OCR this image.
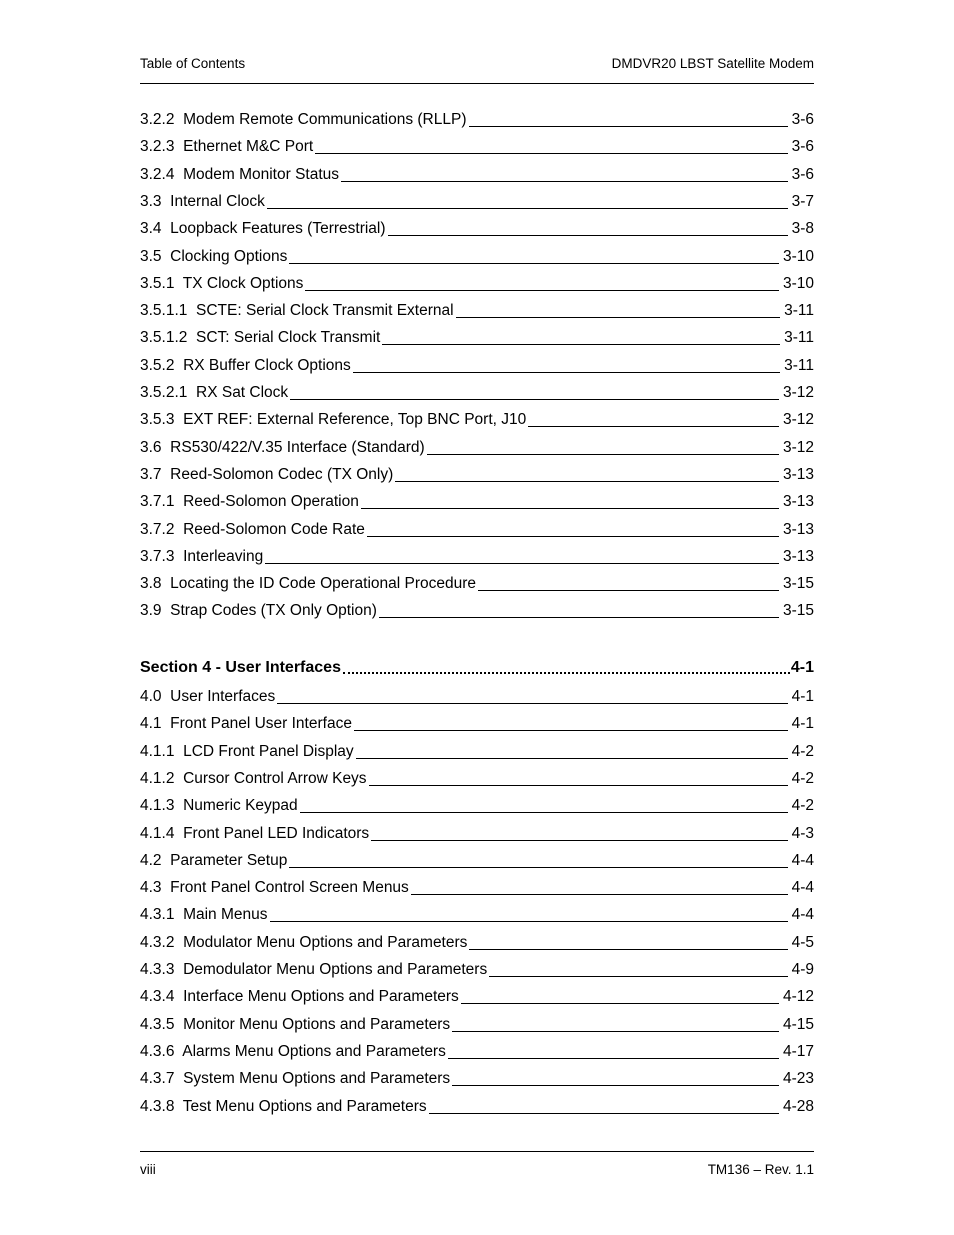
Table of Contents	DMDVR20 LBST Satellite Modem
3.2.2  Modem Remote Communications (RLLP)	3-6
3.2.3  Ethernet M&C Port	3-6
3.2.4  Modem Monitor Status	3-6
3.3  Internal Clock	3-7
3.4  Loopback Features (Terrestrial)	3-8
3.5  Clocking Options	3-10
3.5.1  TX Clock Options	3-10
3.5.1.1  SCTE: Serial Clock Transmit External	3-11
3.5.1.2  SCT: Serial Clock Transmit	3-11
3.5.2  RX Buffer Clock Options	3-11
3.5.2.1  RX Sat Clock	3-12
3.5.3  EXT REF: External Reference, Top BNC Port, J10	3-12
3.6  RS530/422/V.35 Interface (Standard)	3-12
3.7  Reed-Solomon Codec (TX Only)	3-13
3.7.1  Reed-Solomon Operation	3-13
3.7.2  Reed-Solomon Code Rate	3-13
3.7.3  Interleaving	3-13
3.8  Locating the ID Code Operational Procedure	3-15
3.9  Strap Codes (TX Only Option)	3-15
Section 4 - User Interfaces	4-1
4.0  User Interfaces	4-1
4.1  Front Panel User Interface	4-1
4.1.1  LCD Front Panel Display	4-2
4.1.2  Cursor Control Arrow Keys	4-2
4.1.3  Numeric Keypad	4-2
4.1.4  Front Panel LED Indicators	4-3
4.2  Parameter Setup	4-4
4.3  Front Panel Control Screen Menus	4-4
4.3.1  Main Menus	4-4
4.3.2  Modulator Menu Options and Parameters	4-5
4.3.3  Demodulator Menu Options and Parameters	4-9
4.3.4  Interface Menu Options and Parameters	4-12
4.3.5  Monitor Menu Options and Parameters	4-15
4.3.6  Alarms Menu Options and Parameters	4-17
4.3.7  System Menu Options and Parameters	4-23
4.3.8  Test Menu Options and Parameters	4-28
viii	TM136 – Rev. 1.1
